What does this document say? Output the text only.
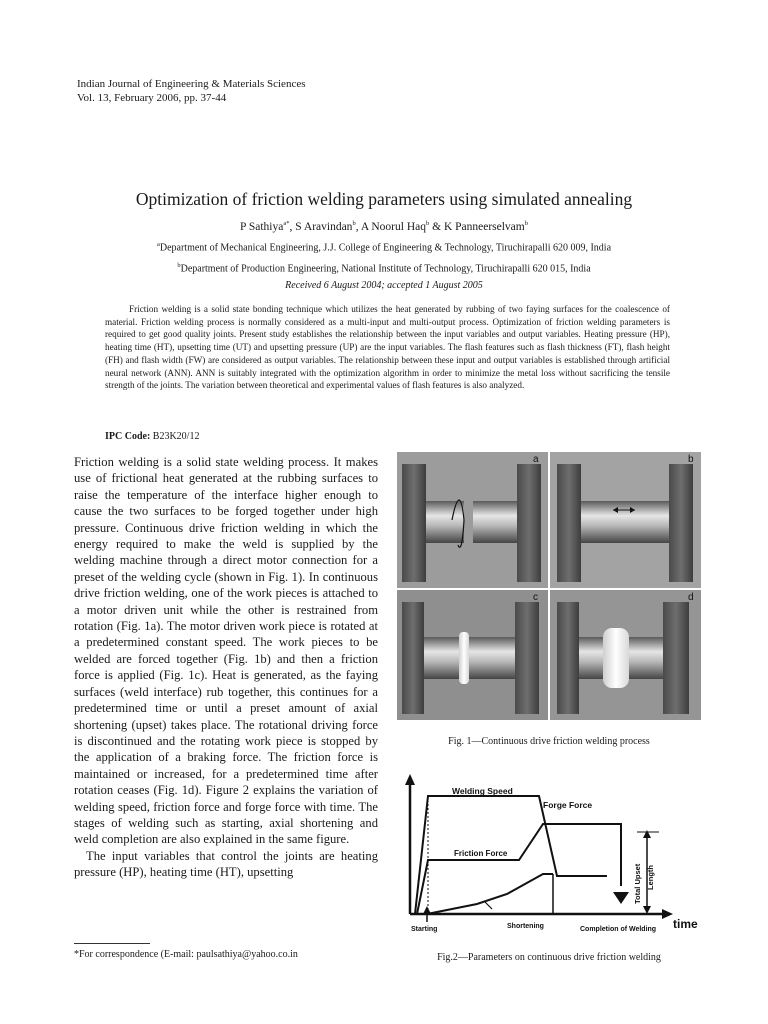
Indian Journal of Engineering & Materials Sciences
Vol. 13, February 2006, pp. 37-44
Optimization of friction welding parameters using simulated annealing
P Sathiya$^{a*}$, S Aravindan$^b$, A Noorul Haq$^b$ & K Panneerselvam$^b$
$^a$Department of Mechanical Engineering, J.J. College of Engineering & Technology, Tiruchirapalli 620 009, India
$^b$Department of Production Engineering, National Institute of Technology, Tiruchirapalli 620 015, India
Received 6 August 2004; accepted 1 August 2005

Friction welding is a solid state bonding technique which utilizes the heat generated by rubbing of two faying surfaces for the coalescence of material. Friction welding process is normally considered as a multi-input and multi-output process. Optimization of friction welding parameters is required to get good quality joints. Present study establishes the relationship between the input variables and output variables. Heating pressure (HP), heating time (HT), upsetting time (UT) and upsetting pressure (UP) are the input variables. The flash features such as flash thickness (FT), flash height (FH) and flash width (FW) are considered as output variables. The relationship between these input and output variables is established through artificial neural network (ANN). ANN is suitably integrated with the optimization algorithm in order to minimize the metal loss without sacrificing the tensile strength of the joints. The variation between theoretical and experimental values of flash features is also analyzed.

IPC Code: B23K20/12

Friction welding is a solid state welding process. It makes use of frictional heat generated at the rubbing surfaces to raise the temperature of the interface higher enough to cause the two surfaces to be forged together under high pressure. Continuous drive friction welding in which the energy required to make the weld is supplied by the welding machine through a direct motor connection for a preset of the welding cycle (shown in Fig. 1). In continuous drive friction welding, one of the work pieces is attached to a motor driven unit while the other is restrained from rotation (Fig. 1a). The motor driven work piece is rotated at a predetermined constant speed. The work pieces to be welded are forced together (Fig. 1b) and then a friction force is applied (Fig. 1c). Heat is generated, as the faying surfaces (weld interface) rub together, this continues for a predetermined time or until a preset amount of axial shortening (upset) takes place. The rotational driving force is discontinued and the rotating work piece is stopped by the application of a braking force. The friction force is maintained or increased, for a predetermined time after rotation ceases (Fig. 1d). Figure 2 explains the variation of welding speed, friction force and forge force with time. The stages of welding such as starting, axial shortening and weld completion are also explained in the same figure.

The input variables that control the joints are heating pressure (HP), heating time (HT), upsetting

*For correspondence (E-mail: paulsathiya@yahoo.co.in
a	b
c	d
Fig. 1—Continuous drive friction welding process
time
Welding Speed
Friction Force
Forge Force
Total Upset Length
Starting	Shortening	Completion of Welding
Fig.2—Parameters on continuous drive friction welding
